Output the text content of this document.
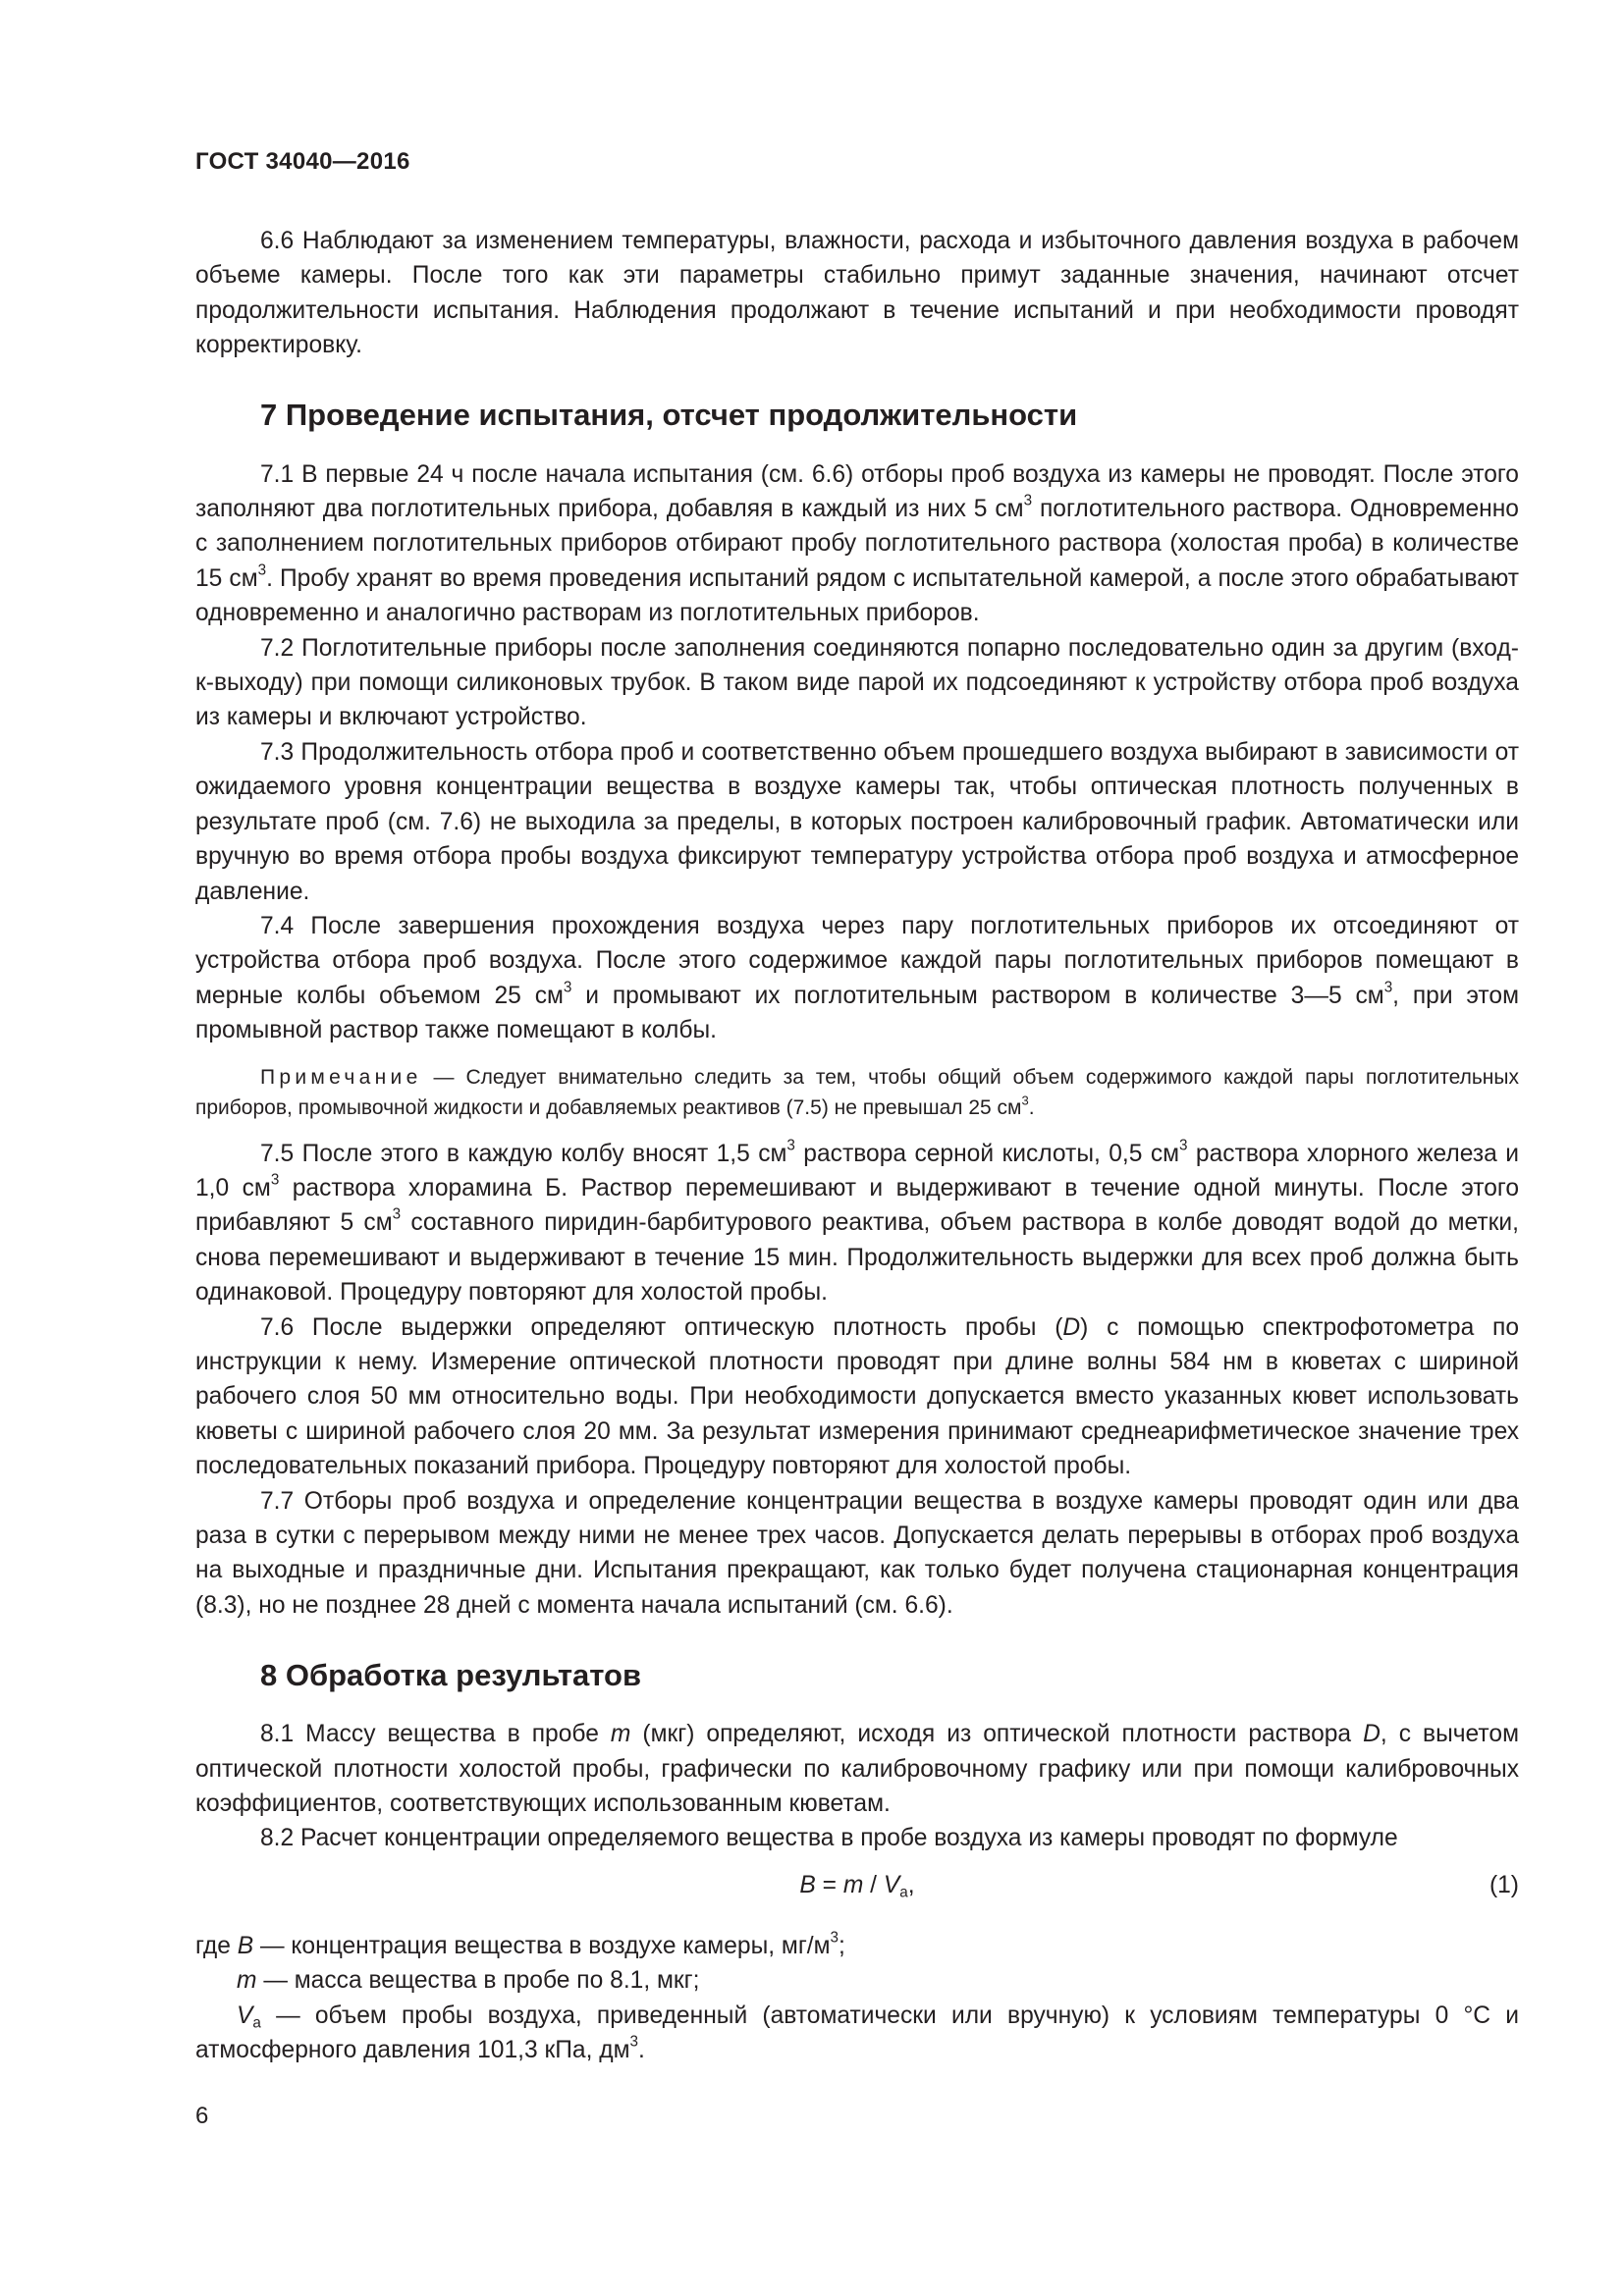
ГОСТ 34040—2016

6.6 Наблюдают за изменением температуры, влажности, расхода и избыточного давления воздуха в рабочем объеме камеры. После того как эти параметры стабильно примут заданные значения, начинают отсчет продолжительности испытания. Наблюдения продолжают в течение испытаний и при необходимости проводят корректировку.

7 Проведение испытания, отсчет продолжительности

7.1 В первые 24 ч после начала испытания (см. 6.6) отборы проб воздуха из камеры не проводят. После этого заполняют два поглотительных прибора, добавляя в каждый из них 5 $см^3$ поглотительного раствора. Одновременно с заполнением поглотительных приборов отбирают пробу поглотительного раствора (холостая проба) в количестве 15 $см^3$. Пробу хранят во время проведения испытаний рядом с испытательной камерой, а после этого обрабатывают одновременно и аналогично растворам из поглотительных приборов.

7.2 Поглотительные приборы после заполнения соединяются попарно последовательно один за другим (вход-к-выходу) при помощи силиконовых трубок. В таком виде парой их подсоединяют к устройству отбора проб воздуха из камеры и включают устройство.

7.3 Продолжительность отбора проб и соответственно объем прошедшего воздуха выбирают в зависимости от ожидаемого уровня концентрации вещества в воздухе камеры так, чтобы оптическая плотность полученных в результате проб (см. 7.6) не выходила за пределы, в которых построен калибровочный график. Автоматически или вручную во время отбора пробы воздуха фиксируют температуру устройства отбора проб воздуха и атмосферное давление.

7.4 После завершения прохождения воздуха через пару поглотительных приборов их отсоединяют от устройства отбора проб воздуха. После этого содержимое каждой пары поглотительных приборов помещают в мерные колбы объемом 25 $см^3$ и промывают их поглотительным раствором в количестве 3—5 $см^3$, при этом промывной раствор также помещают в колбы.

Примечание — Следует внимательно следить за тем, чтобы общий объем содержимого каждой пары поглотительных приборов, промывочной жидкости и добавляемых реактивов (7.5) не превышал 25 $см^3$.

7.5 После этого в каждую колбу вносят 1,5 $см^3$ раствора серной кислоты, 0,5 $см^3$ раствора хлорного железа и 1,0 $см^3$ раствора хлорамина Б. Раствор перемешивают и выдерживают в течение одной минуты. После этого прибавляют 5 $см^3$ составного пиридин-барбитурового реактива, объем раствора в колбе доводят водой до метки, снова перемешивают и выдерживают в течение 15 мин. Продолжительность выдержки для всех проб должна быть одинаковой. Процедуру повторяют для холостой пробы.

7.6 После выдержки определяют оптическую плотность пробы (D) с помощью спектрофотометра по инструкции к нему. Измерение оптической плотности проводят при длине волны 584 нм в кюветах с шириной рабочего слоя 50 мм относительно воды. При необходимости допускается вместо указанных кювет использовать кюветы с шириной рабочего слоя 20 мм. За результат измерения принимают среднеарифметическое значение трех последовательных показаний прибора. Процедуру повторяют для холостой пробы.

7.7 Отборы проб воздуха и определение концентрации вещества в воздухе камеры проводят один или два раза в сутки с перерывом между ними не менее трех часов. Допускается делать перерывы в отборах проб воздуха на выходные и праздничные дни. Испытания прекращают, как только будет получена стационарная концентрация (8.3), но не позднее 28 дней с момента начала испытаний (см. 6.6).

8 Обработка результатов

8.1 Массу вещества в пробе m (мкг) определяют, исходя из оптической плотности раствора D, с вычетом оптической плотности холостой пробы, графически по калибровочному графику или при помощи калибровочных коэффициентов, соответствующих использованным кюветам.

8.2 Расчет концентрации определяемого вещества в пробе воздуха из камеры проводят по формуле

$B = m / V_a$,	(1)

где B — концентрация вещества в воздухе камеры, $мг/м^3$;

m — масса вещества в пробе по 8.1, мкг;

$V_a$ — объем пробы воздуха, приведенный (автоматически или вручную) к условиям температуры 0 °С и атмосферного давления 101,3 кПа, $дм^3$.

6
